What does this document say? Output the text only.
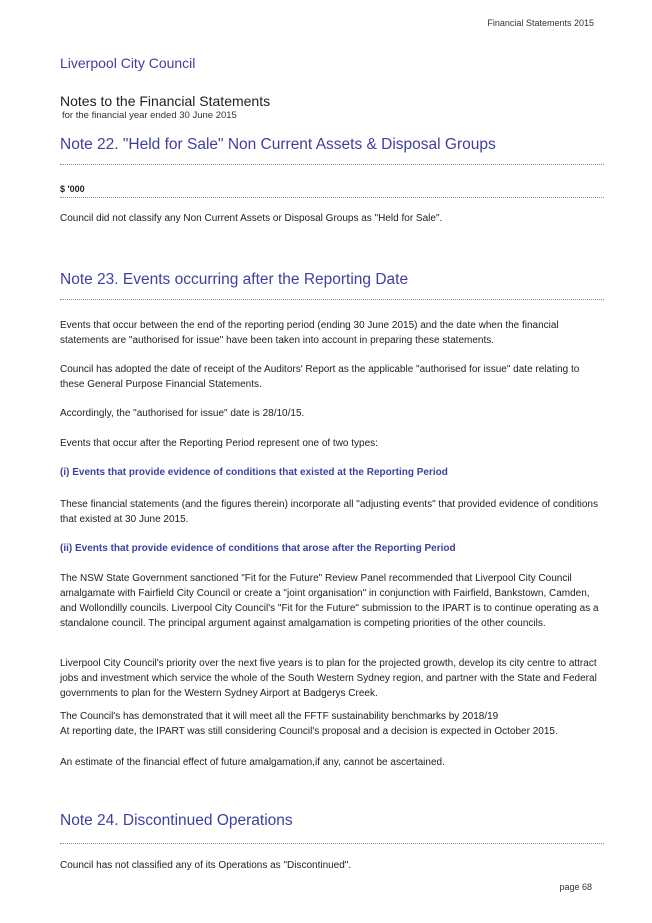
Financial Statements 2015
Liverpool City Council
Notes to the Financial Statements
for the financial year ended 30 June 2015
Note 22. "Held for Sale" Non Current Assets & Disposal Groups
$ '000
Council did not classify any Non Current Assets or Disposal Groups as "Held for Sale".
Note 23. Events occurring after the Reporting Date
Events that occur between the end of the reporting period (ending 30 June 2015) and the date when the financial statements are "authorised for issue" have been taken into account in preparing these statements.
Council has adopted the date of receipt of the Auditors' Report as the applicable "authorised for issue" date relating to these General Purpose Financial Statements.
Accordingly, the "authorised for issue" date is 28/10/15.
Events that occur after the Reporting Period represent one of two types:
(i) Events that provide evidence of conditions that existed at the Reporting Period
These financial statements (and the figures therein) incorporate all "adjusting events" that provided evidence of conditions that existed at 30 June 2015.
(ii) Events that provide evidence of conditions that arose after the Reporting Period
The NSW State Government sanctioned "Fit for the Future" Review Panel recommended that Liverpool City Council amalgamate with Fairfield City Council or create a "joint organisation" in conjunction with Fairfield, Bankstown, Camden, and Wollondilly councils. Liverpool City Council's "Fit for the Future" submission to the IPART is to continue operating as a standalone council. The principal argument against amalgamation is competing priorities of the other councils.
Liverpool City Council's priority over the next five years is to plan for the projected growth, develop its city centre to attract jobs and investment which service the whole of the South Western Sydney region, and partner with the State and Federal governments to plan for the Western Sydney Airport at Badgerys Creek.
The Council's has demonstrated that it will meet all the FFTF sustainability benchmarks by 2018/19
At reporting date, the IPART was still considering Council's proposal and a decision is expected in October 2015.
An estimate of the financial effect of future amalgamation,if any, cannot be ascertained.
Note 24. Discontinued Operations
Council has not classified any of its Operations as "Discontinued".
page 68
